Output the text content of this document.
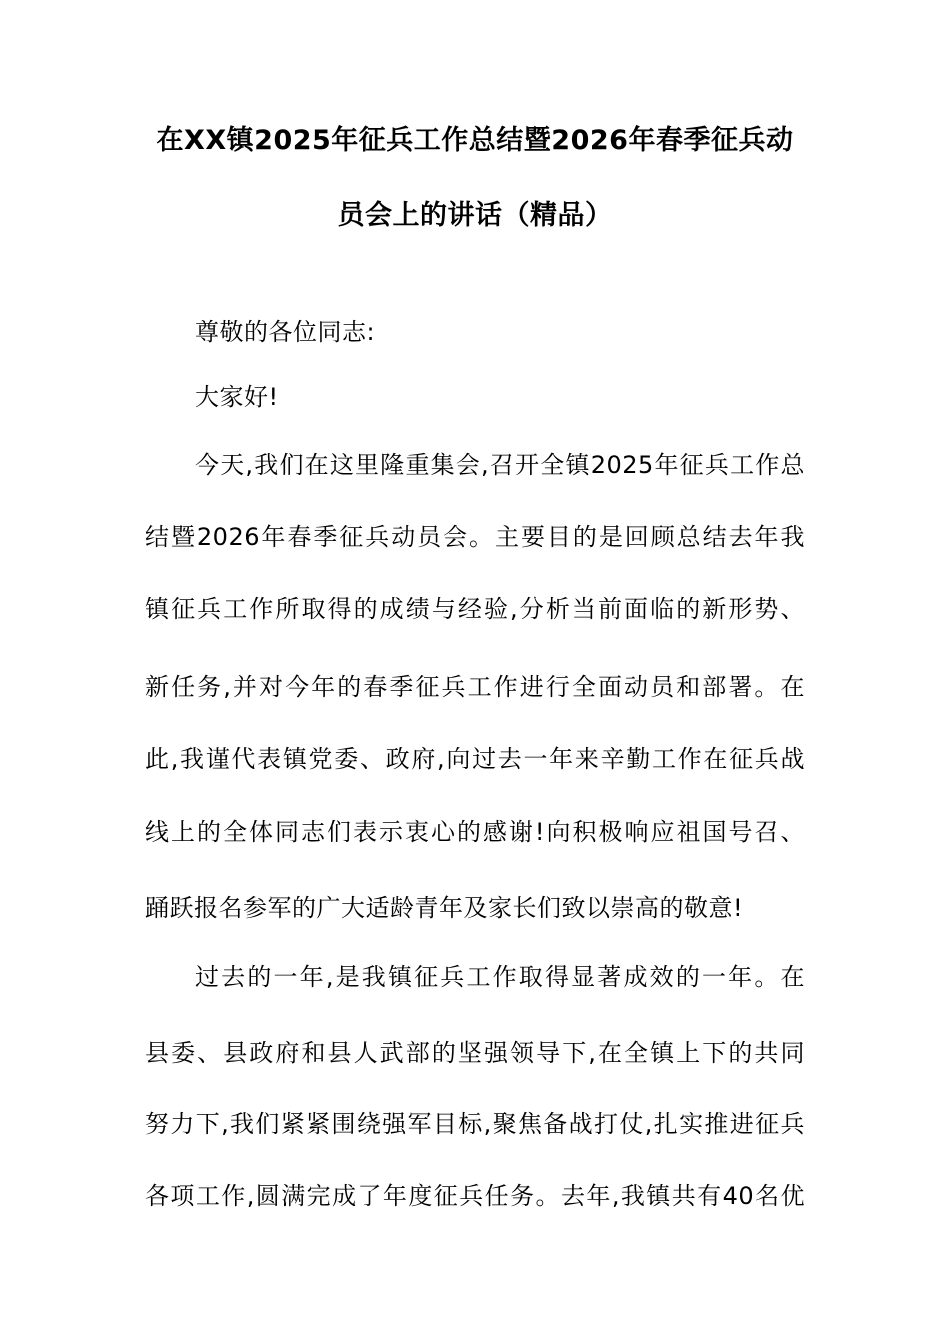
在XX镇2025年征兵工作总结暨2026年春季征兵动
员会上的讲话（精品）
尊敬的各位同志:
大家好!
今天,我们在这里隆重集会,召开全镇2025年征兵工作总
结暨2026年春季征兵动员会。主要目的是回顾总结去年我
镇征兵工作所取得的成绩与经验,分析当前面临的新形势、
新任务,并对今年的春季征兵工作进行全面动员和部署。在
此,我谨代表镇党委、政府,向过去一年来辛勤工作在征兵战
线上的全体同志们表示衷心的感谢!向积极响应祖国号召、
踊跃报名参军的广大适龄青年及家长们致以崇高的敬意!
过去的一年,是我镇征兵工作取得显著成效的一年。在
县委、县政府和县人武部的坚强领导下,在全镇上下的共同
努力下,我们紧紧围绕强军目标,聚焦备战打仗,扎实推进征兵
各项工作,圆满完成了年度征兵任务。去年,我镇共有40名优
